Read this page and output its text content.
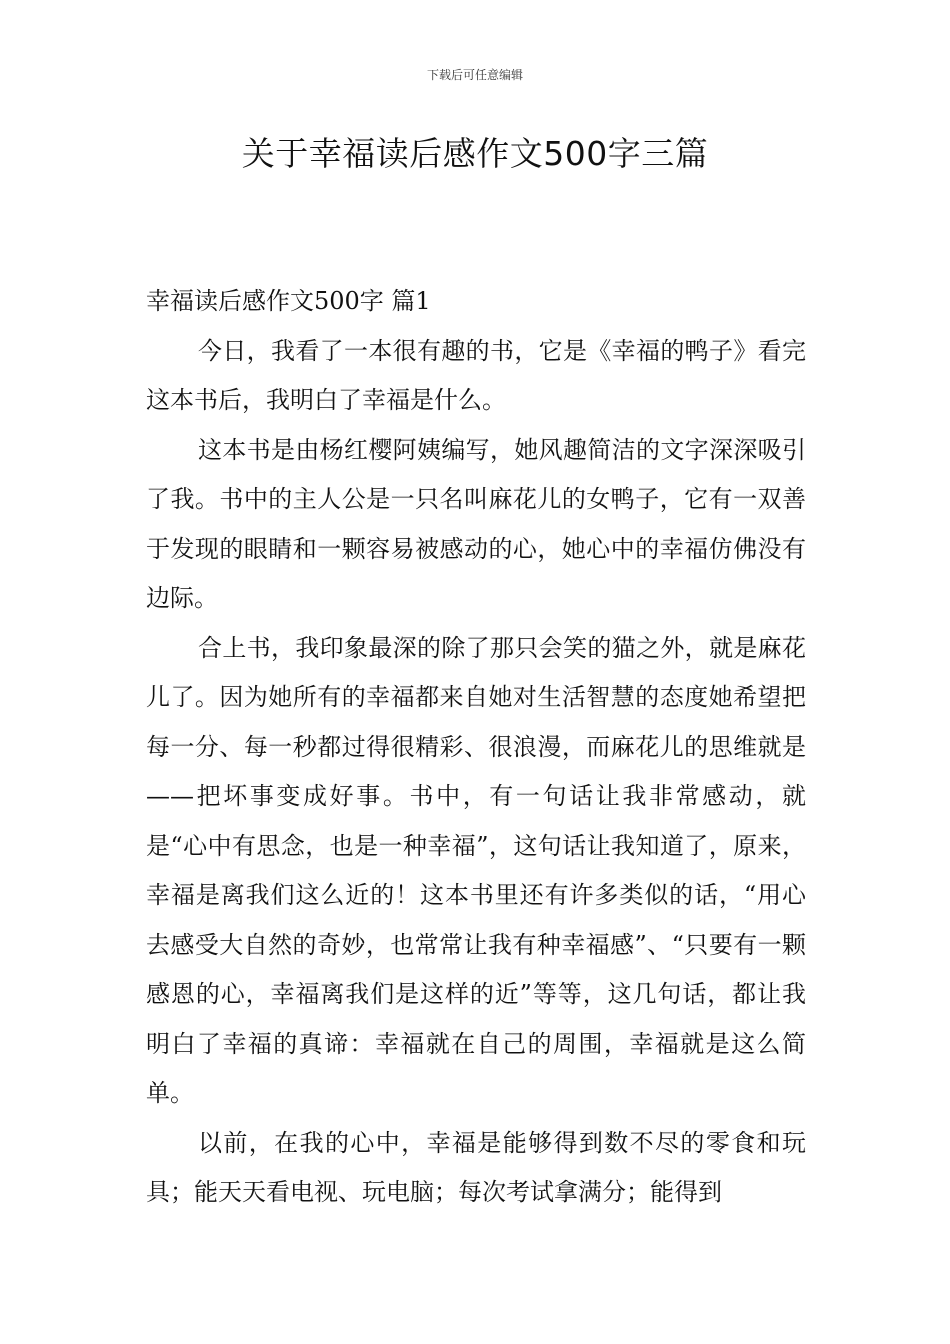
下载后可任意编辑
关于幸福读后感作文500字三篇

幸福读后感作文500字 篇1

今日，我看了一本很有趣的书，它是《幸福的鸭子》看完这本书后，我明白了幸福是什么。

这本书是由杨红樱阿姨编写，她风趣简洁的文字深深吸引了我。书中的主人公是一只名叫麻花儿的女鸭子，它有一双善于发现的眼睛和一颗容易被感动的心，她心中的幸福仿佛没有边际。

合上书，我印象最深的除了那只会笑的猫之外，就是麻花儿了。因为她所有的幸福都来自她对生活智慧的态度她希望把每一分、每一秒都过得很精彩、很浪漫，而麻花儿的思维就是——把坏事变成好事。书中，有一句话让我非常感动，就是“心中有思念，也是一种幸福”，这句话让我知道了，原来，幸福是离我们这么近的！这本书里还有许多类似的话，“用心去感受大自然的奇妙，也常常让我有种幸福感”、“只要有一颗感恩的心，幸福离我们是这样的近”等等，这几句话，都让我明白了幸福的真谛：幸福就在自己的周围，幸福就是这么简单。

以前，在我的心中，幸福是能够得到数不尽的零食和玩具；能天天看电视、玩电脑；每次考试拿满分；能得到
